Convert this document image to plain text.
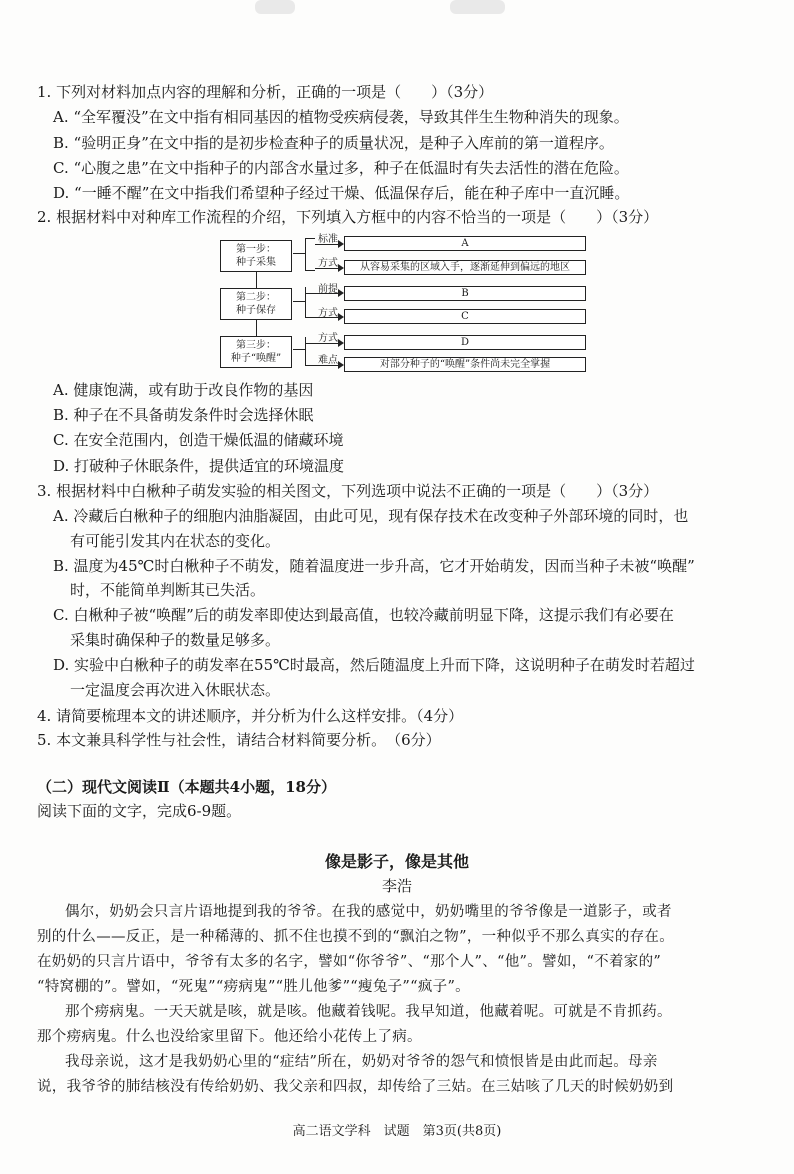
1. 下列对材料加点内容的理解和分析，正确的一项是（　　）（3分）
A. “全军覆没”在文中指有相同基因的植物受疾病侵袭，导致其伴生生物种消失的现象。
B. “验明正身”在文中指的是初步检查种子的质量状况，是种子入库前的第一道程序。
C. “心腹之患”在文中指种子的内部含水量过多，种子在低温时有失去活性的潜在危险。
D. “一睡不醒”在文中指我们希望种子经过干燥、低温保存后，能在种子库中一直沉睡。
2. 根据材料中对种库工作流程的介绍，下列填入方框中的内容不恰当的一项是（　　）（3分）
第一步：
种子采集
第二步：
种子保存
第三步：
种子“唤醒”
标准
方式
A
从容易采集的区域入手，逐渐延伸到偏远的地区
前提
方式
B
C
方式
难点
D
对部分种子的“唤醒”条件尚未完全掌握
A. 健康饱满，或有助于改良作物的基因
B. 种子在不具备萌发条件时会选择休眠
C. 在安全范围内，创造干燥低温的储藏环境
D. 打破种子休眠条件，提供适宜的环境温度
3. 根据材料中白楸种子萌发实验的相关图文，下列选项中说法不正确的一项是（　　）（3分）
A. 冷藏后白楸种子的细胞内油脂凝固，由此可见，现有保存技术在改变种子外部环境的同时，也
有可能引发其内在状态的变化。
B. 温度为45℃时白楸种子不萌发，随着温度进一步升高，它才开始萌发，因而当种子未被“唤醒”
时，不能简单判断其已失活。
C. 白楸种子被“唤醒”后的萌发率即使达到最高值，也较冷藏前明显下降，这提示我们有必要在
采集时确保种子的数量足够多。
D. 实验中白楸种子的萌发率在55℃时最高，然后随温度上升而下降，这说明种子在萌发时若超过
一定温度会再次进入休眠状态。
4. 请简要梳理本文的讲述顺序，并分析为什么这样安排。（4分）
5. 本文兼具科学性与社会性，请结合材料简要分析。　（6分）
（二）现代文阅读Ⅱ（本题共4小题，18分）
阅读下面的文字，完成6-9题。
像是影子，像是其他
李浩
偶尔，奶奶会只言片语地提到我的爷爷。在我的感觉中，奶奶嘴里的爷爷像是一道影子，或者
别的什么——反正，是一种稀薄的、抓不住也摸不到的“飘泊之物”，一种似乎不那么真实的存在。
在奶奶的只言片语中，爷爷有太多的名字，譬如“你爷爷”、“那个人”、“他”。譬如，“不着家的”
“特窝棚的”。譬如，“死鬼”“痨病鬼”“胜儿他爹”“瘦兔子”“疯子”。
那个痨病鬼。一天天就是咳，就是咳。他藏着钱呢。我早知道，他藏着呢。可就是不肯抓药。
那个痨病鬼。什么也没给家里留下。他还给小花传上了病。
我母亲说，这才是我奶奶心里的“症结”所在，奶奶对爷爷的怨气和愤恨皆是由此而起。母亲
说，我爷爷的肺结核没有传给奶奶、我父亲和四叔，却传给了三姑。在三姑咳了几天的时候奶奶到
高二语文学科　试题　第3页(共8页)
